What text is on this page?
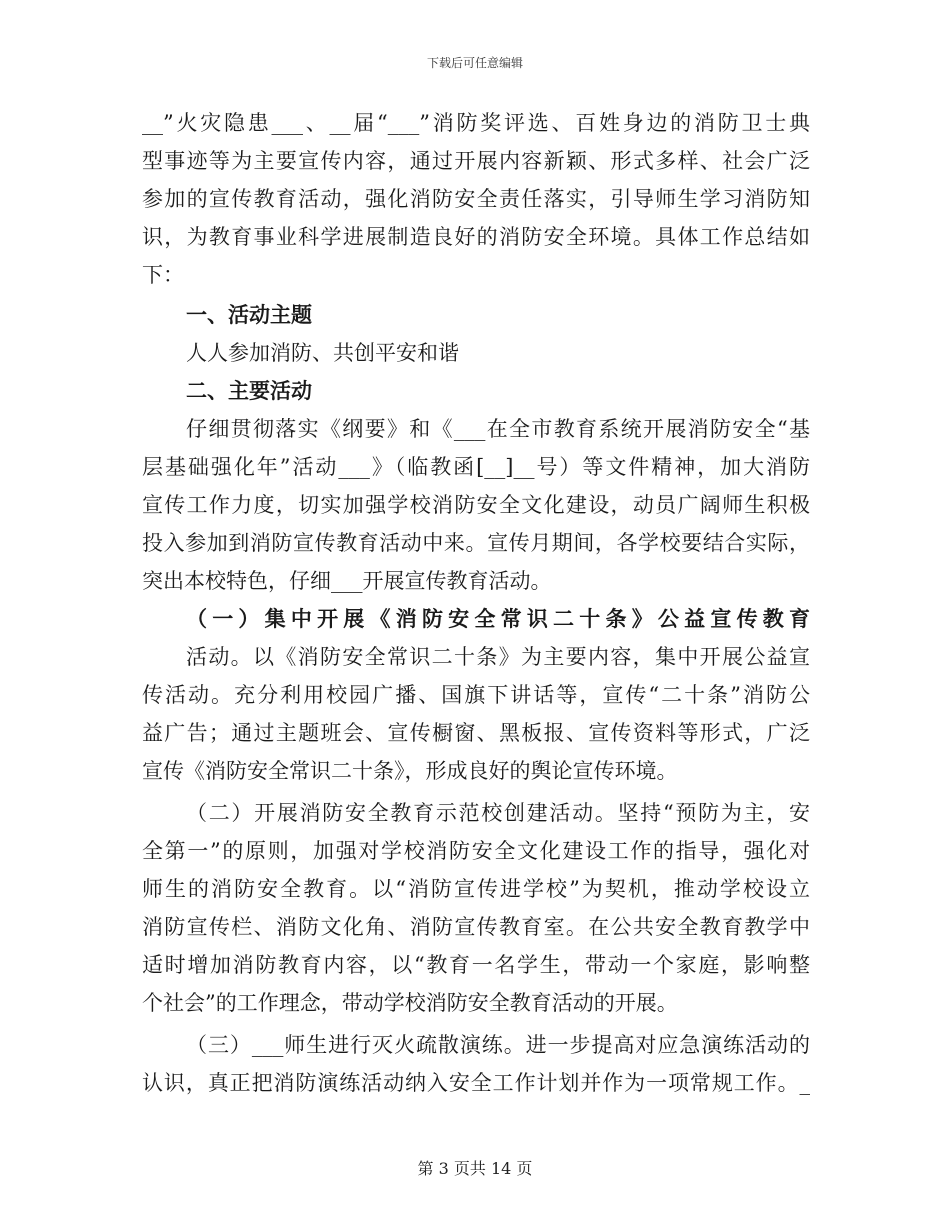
下载后可任意编辑
__”火灾隐患___、__届“___”消防奖评选、百姓身边的消防卫士典
型事迹等为主要宣传内容，通过开展内容新颖、形式多样、社会广泛
参加的宣传教育活动，强化消防安全责任落实，引导师生学习消防知
识，为教育事业科学进展制造良好的消防安全环境。具体工作总结如
下：
一、活动主题
人人参加消防、共创平安和谐
二、主要活动
仔细贯彻落实《纲要》和《___在全市教育系统开展消防安全“基
层基础强化年”活动___》（临教函[__]__号）等文件精神，加大消防
宣传工作力度，切实加强学校消防安全文化建设，动员广阔师生积极
投入参加到消防宣传教育活动中来。宣传月期间，各学校要结合实际，
突出本校特色，仔细___开展宣传教育活动。
（一）集中开展《消防安全常识二十条》公益宣传教育
活动。以《消防安全常识二十条》为主要内容，集中开展公益宣
传活动。充分利用校园广播、国旗下讲话等，宣传“二十条”消防公
益广告；通过主题班会、宣传橱窗、黑板报、宣传资料等形式，广泛
宣传《消防安全常识二十条》，形成良好的舆论宣传环境。
（二）开展消防安全教育示范校创建活动。坚持“预防为主，安
全第一”的原则，加强对学校消防安全文化建设工作的指导，强化对
师生的消防安全教育。以“消防宣传进学校”为契机，推动学校设立
消防宣传栏、消防文化角、消防宣传教育室。在公共安全教育教学中
适时增加消防教育内容，以“教育一名学生，带动一个家庭，影响整
个社会”的工作理念，带动学校消防安全教育活动的开展。
（三）___师生进行灭火疏散演练。进一步提高对应急演练活动的
认识，真正把消防演练活动纳入安全工作计划并作为一项常规工作。_
第 3 页共 14 页
